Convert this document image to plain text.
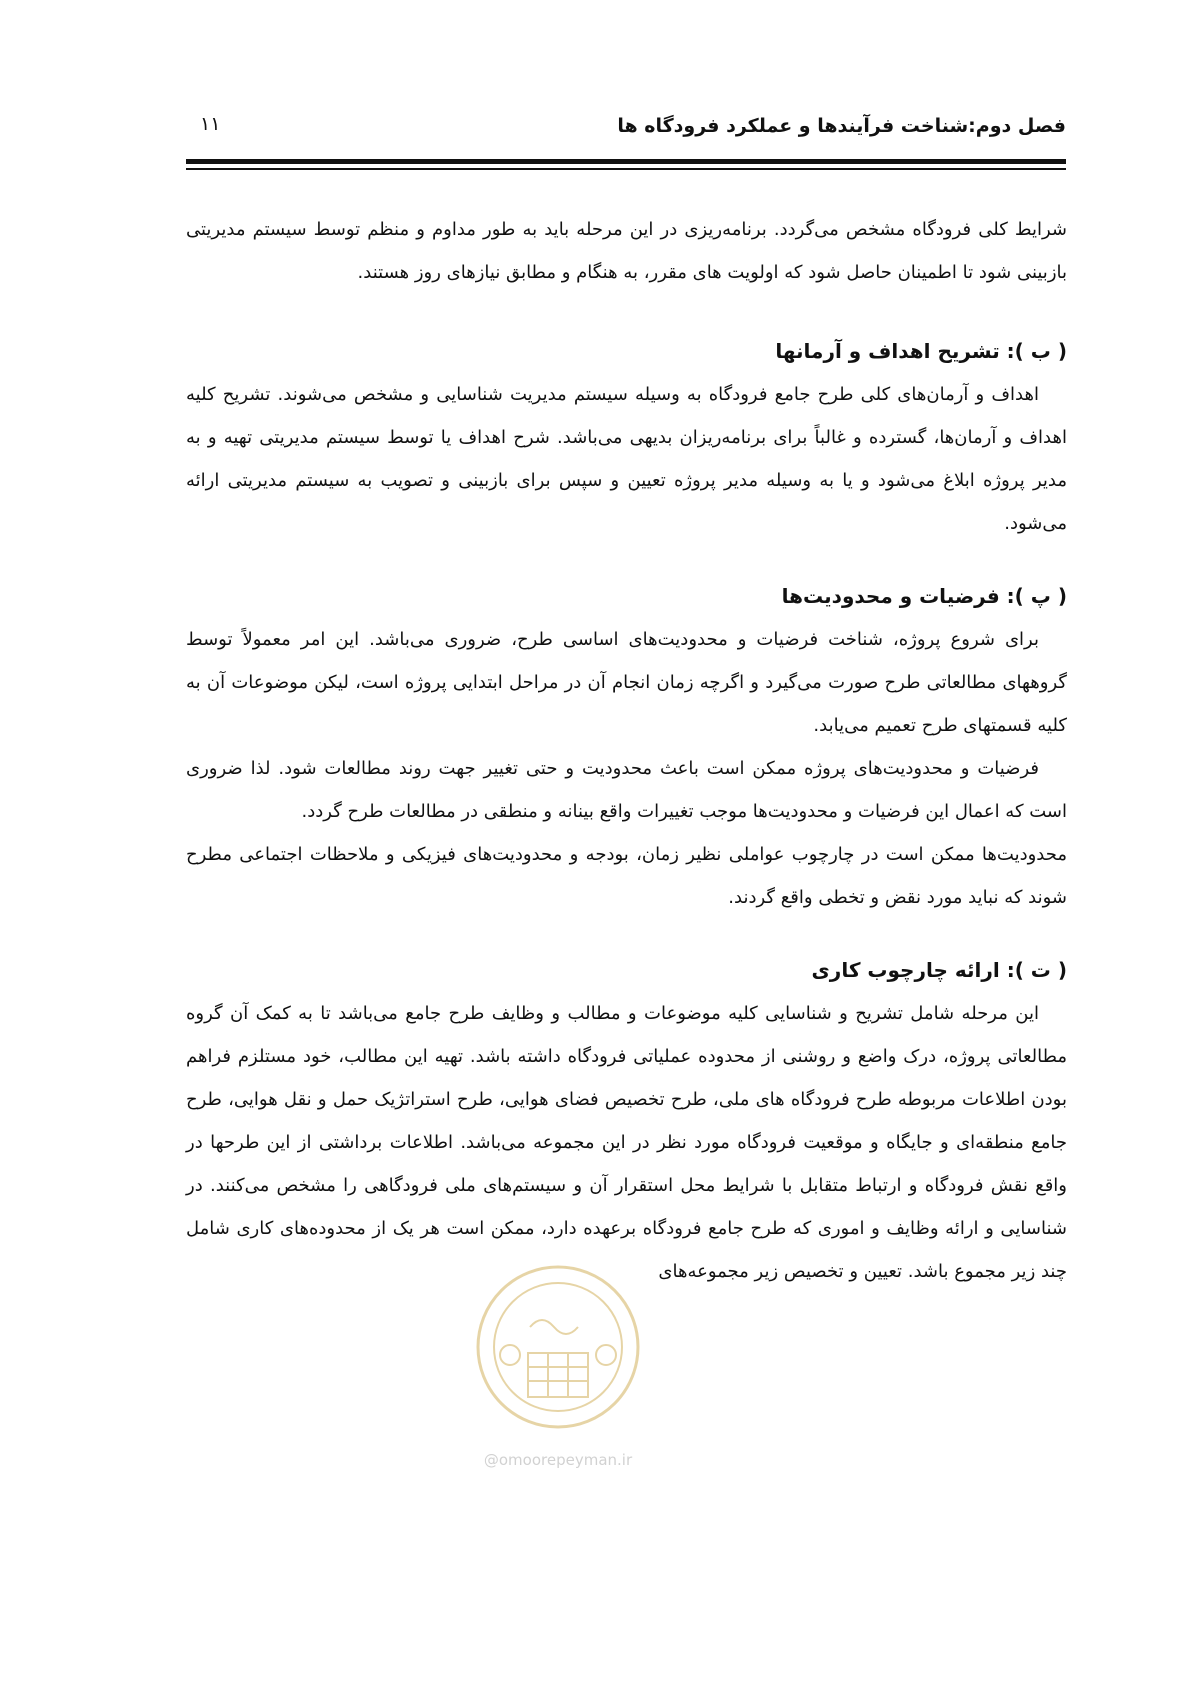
فصل دوم:شناخت فرآیندها و عملکرد فرودگاه ها
۱۱

شرایط کلی فرودگاه مشخص می‌گردد. برنامه‌ریزی در این مرحله باید به طور مداوم و منظم توسط سیستم مدیریتی بازبینی شود تا اطمینان حاصل شود که اولویت های مقرر، به هنگام و مطابق نیازهای روز هستند.

( ب ): تشریح اهداف و آرمانها

اهداف و آرمان‌های کلی طرح جامع فرودگاه به وسیله سیستم مدیریت شناسایی و مشخص می‌شوند. تشریح کلیه اهداف و آرمان‌ها، گسترده و غالباً برای برنامه‌ریزان بدیهی می‌باشد. شرح اهداف یا توسط سیستم مدیریتی تهیه و به مدیر پروژه ابلاغ می‌شود و یا به وسیله مدیر پروژه تعیین و سپس برای بازبینی و تصویب به سیستم مدیریتی ارائه می‌شود.

( پ ): فرضیات و محدودیت‌ها

برای شروع پروژه، شناخت فرضیات و محدودیت‌های اساسی طرح، ضروری می‌باشد. این امر معمولاً توسط گروههای مطالعاتی طرح صورت می‌گیرد و اگرچه زمان انجام آن در مراحل ابتدایی پروژه است، لیکن موضوعات آن به کلیه قسمتهای طرح تعمیم می‌یابد.

فرضیات و محدودیت‌های پروژه ممکن است باعث محدودیت و حتی تغییر جهت روند مطالعات شود. لذا ضروری است که اعمال این فرضیات و محدودیت‌ها موجب تغییرات واقع بینانه و منطقی در مطالعات طرح گردد.

محدودیت‌ها ممکن است در چارچوب عواملی نظیر زمان، بودجه و محدودیت‌های فیزیکی و ملاحظات اجتماعی مطرح شوند که نباید مورد نقض و تخطی واقع گردند.

( ت ): ارائه چارچوب کاری

این مرحله شامل تشریح و شناسایی کلیه موضوعات و مطالب و وظایف طرح جامع می‌باشد تا به کمک آن گروه مطالعاتی پروژه، درک واضع و روشنی از محدوده عملیاتی فرودگاه داشته باشد. تهیه این مطالب، خود مستلزم فراهم بودن اطلاعات مربوطه طرح فرودگاه های ملی، طرح تخصیص فضای هوایی، طرح استراتژیک حمل و نقل هوایی، طرح جامع منطقه‌ای و جایگاه و موقعیت فرودگاه مورد نظر در این مجموعه می‌باشد. اطلاعات برداشتی از این طرحها در واقع نقش فرودگاه و ارتباط متقابل با شرایط محل استقرار آن و سیستم‌های ملی فرودگاهی را مشخص می‌کنند. در شناسایی و ارائه وظایف و اموری که طرح جامع فرودگاه برعهده دارد، ممکن است هر یک از محدوده‌های کاری شامل چند زیر مجموع باشد. تعیین و تخصیص زیر مجموعه‌های

@omoorepeyman.ir
